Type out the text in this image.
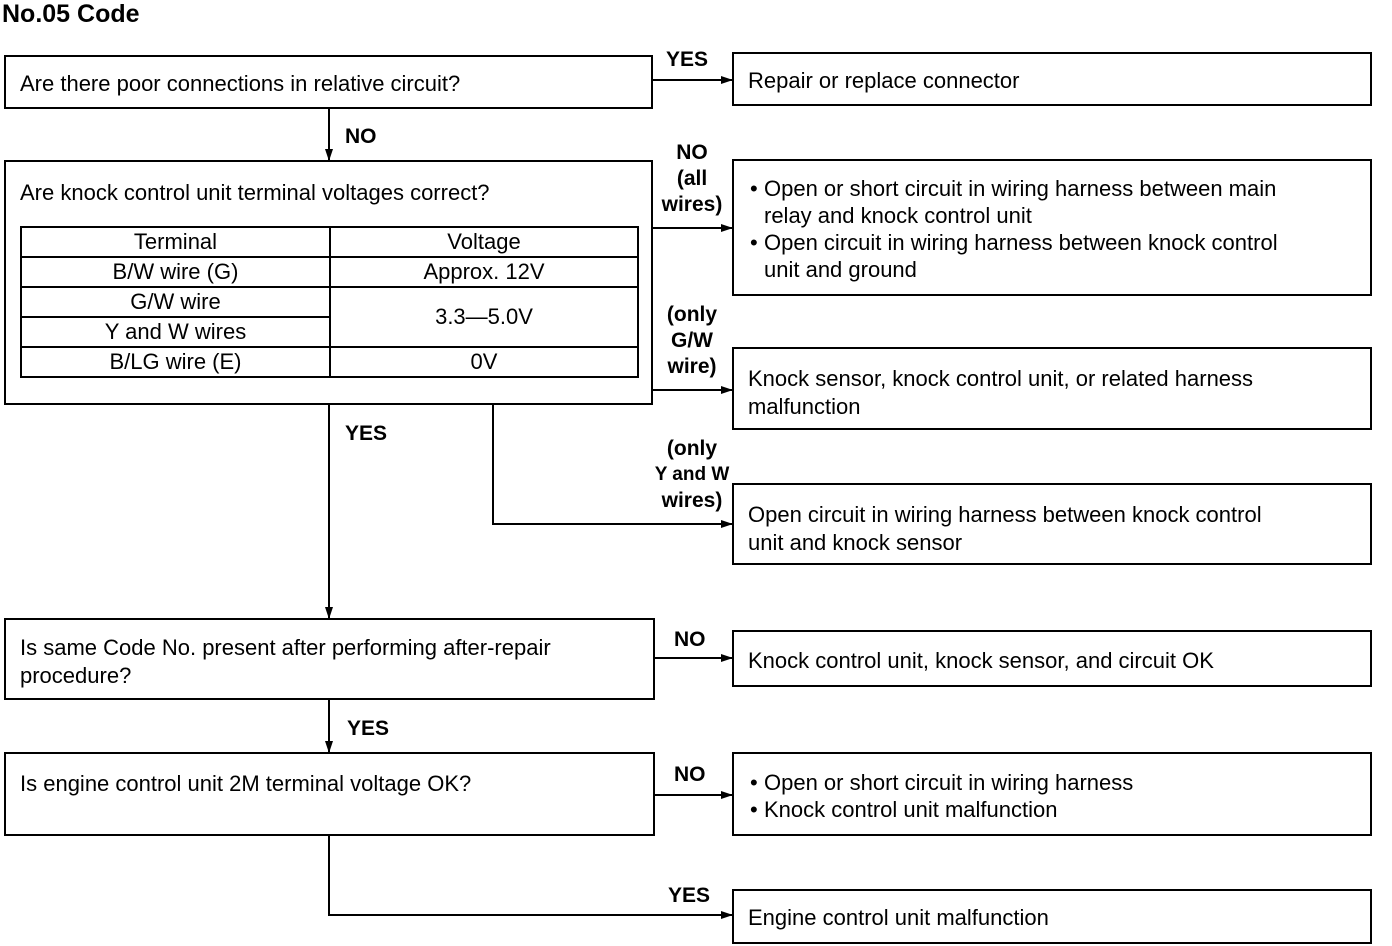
No.05 Code
Are there poor connections in relative circuit?
Are knock control unit terminal voltages correct?
Terminal	Voltage
B/W wire (G)	Approx. 12V
G/W wire	3.3—5.0V
Y and W wires	
B/LG wire (E)	0V
Is same Code No. present after performing after-repair
procedure?
Is engine control unit 2M terminal voltage OK?
Repair or replace connector
• Open or short circuit in wiring harness between main
relay and knock control unit
• Open circuit in wiring harness between knock control
unit and ground
Knock sensor, knock control unit, or related harness
malfunction
Open circuit in wiring harness between knock control
unit and knock sensor
Knock control unit, knock sensor, and circuit OK
• Open or short circuit in wiring harness
• Knock control unit malfunction
Engine control unit malfunction
YES
NO
NO
(all
wires)
(only
G/W
wire)
YES
(only
Y and W
wires)
NO
YES
NO
YES
